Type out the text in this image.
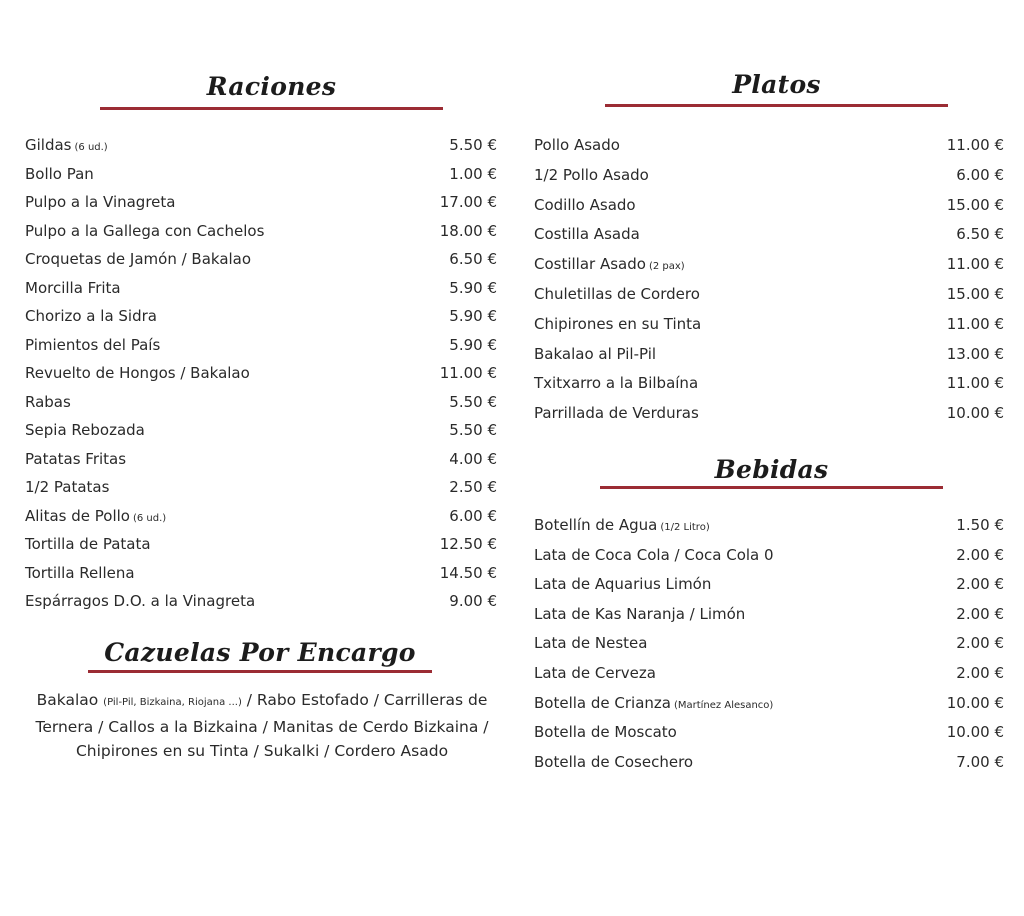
Raciones
Gildas (6 ud.)	5.50 €
Bollo Pan	1.00 €
Pulpo a la Vinagreta	17.00 €
Pulpo a la Gallega con Cachelos	18.00 €
Croquetas de Jamón / Bakalao	6.50 €
Morcilla Frita	5.90 €
Chorizo a la Sidra	5.90 €
Pimientos del País	5.90 €
Revuelto de Hongos / Bakalao	11.00 €
Rabas	5.50 €
Sepia Rebozada	5.50 €
Patatas Fritas	4.00 €
1/2 Patatas	2.50 €
Alitas de Pollo (6 ud.)	6.00 €
Tortilla de Patata	12.50 €
Tortilla Rellena	14.50 €
Espárragos D.O. a la Vinagreta	9.00 €
Cazuelas Por Encargo
Bakalao (Pil-Pil, Bizkaina, Riojana ...) / Rabo Estofado / Carrilleras de Ternera / Callos a la Bizkaina / Manitas de Cerdo Bizkaina / Chipirones en su Tinta / Sukalki / Cordero Asado
Platos
Pollo Asado	11.00 €
1/2 Pollo Asado	6.00 €
Codillo Asado	15.00 €
Costilla Asada	6.50 €
Costillar Asado (2 pax)	11.00 €
Chuletillas de Cordero	15.00 €
Chipirones en su Tinta	11.00 €
Bakalao al Pil-Pil	13.00 €
Txitxarro a la Bilbaína	11.00 €
Parrillada de Verduras	10.00 €
Bebidas
Botellín de Agua (1/2 Litro)	1.50 €
Lata de Coca Cola / Coca Cola 0	2.00 €
Lata de Aquarius Limón	2.00 €
Lata de Kas Naranja / Limón	2.00 €
Lata de Nestea	2.00 €
Lata de Cerveza	2.00 €
Botella de Crianza (Martínez Alesanco)	10.00 €
Botella de Moscato	10.00 €
Botella de Cosechero	7.00 €
